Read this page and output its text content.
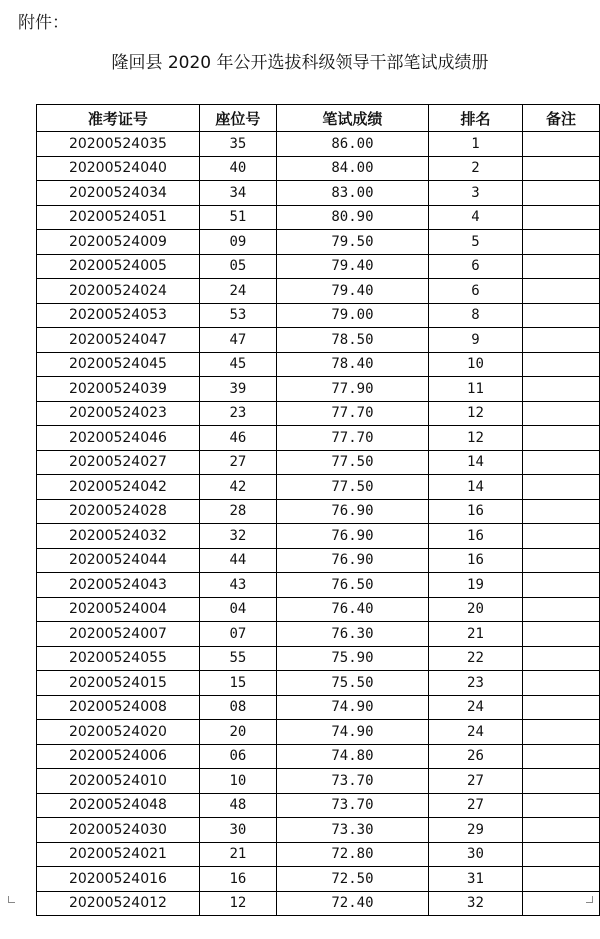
附件：
隆回县 2020 年公开选拔科级领导干部笔试成绩册
准考证号	座位号	笔试成绩	排名	备注
20200524035	35	86.00	1	
20200524040	40	84.00	2	
20200524034	34	83.00	3	
20200524051	51	80.90	4	
20200524009	09	79.50	5	
20200524005	05	79.40	6	
20200524024	24	79.40	6	
20200524053	53	79.00	8	
20200524047	47	78.50	9	
20200524045	45	78.40	10	
20200524039	39	77.90	11	
20200524023	23	77.70	12	
20200524046	46	77.70	12	
20200524027	27	77.50	14	
20200524042	42	77.50	14	
20200524028	28	76.90	16	
20200524032	32	76.90	16	
20200524044	44	76.90	16	
20200524043	43	76.50	19	
20200524004	04	76.40	20	
20200524007	07	76.30	21	
20200524055	55	75.90	22	
20200524015	15	75.50	23	
20200524008	08	74.90	24	
20200524020	20	74.90	24	
20200524006	06	74.80	26	
20200524010	10	73.70	27	
20200524048	48	73.70	27	
20200524030	30	73.30	29	
20200524021	21	72.80	30	
20200524016	16	72.50	31	
20200524012	12	72.40	32	
